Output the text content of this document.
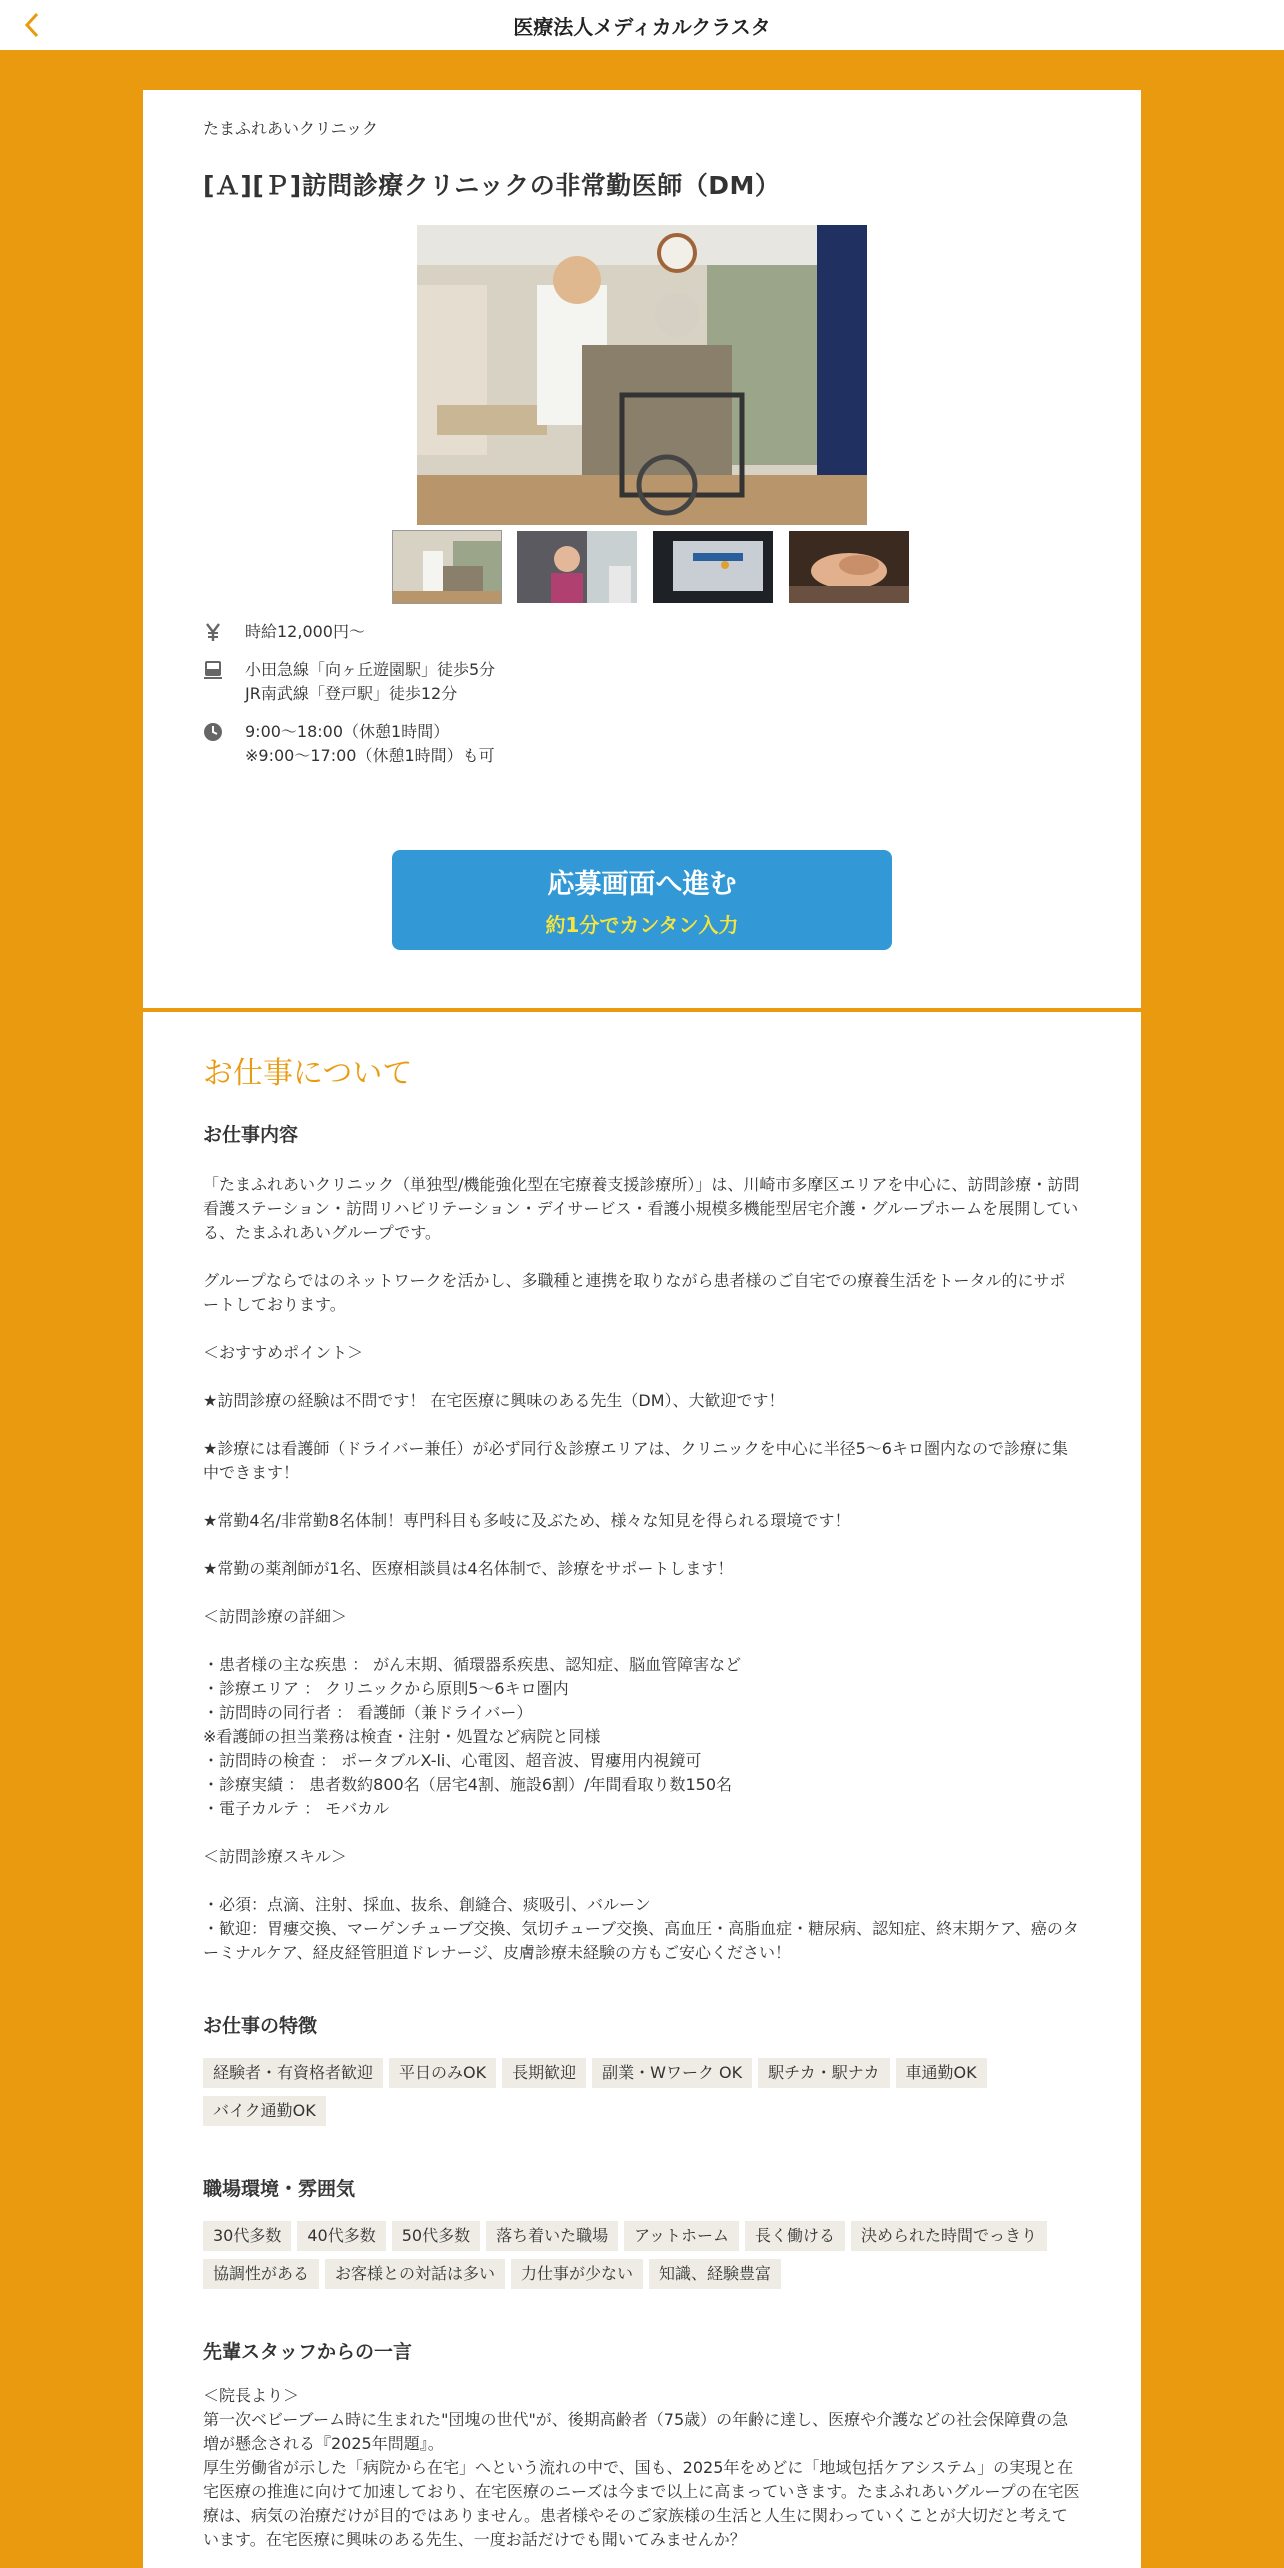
医療法人メディカルクラスタ
たまふれあいクリニック
[Ａ][Ｐ]訪問診療クリニックの非常勤医師（DM）
時給12,000円〜
小田急線「向ヶ丘遊園駅」徒歩5分
JR南武線「登戸駅」徒歩12分
9:00～18:00（休憩1時間）
※9:00～17:00（休憩1時間）も可
応募画面へ進む
約1分でカンタン入力
お仕事について
お仕事内容
「たまふれあいクリニック（単独型/機能強化型在宅療養支援診療所）」は、川崎市多摩区エリアを中心に、訪問診療・訪問看護ステーション・訪問リハビリテーション・デイサービス・看護小規模多機能型居宅介護・グループホームを展開している、たまふれあいグループです。
グループならではのネットワークを活かし、多職種と連携を取りながら患者様のご自宅での療養生活をトータル的にサポートしております。
＜おすすめポイント＞
★訪問診療の経験は不問です！ 在宅医療に興味のある先生（DM）、大歓迎です！
★診療には看護師（ドライバー兼任）が必ず同行＆診療エリアは、クリニックを中心に半径5～6キロ圏内なので診療に集中できます！
★常勤4名/非常勤8名体制！専門科目も多岐に及ぶため、様々な知見を得られる環境です！
★常勤の薬剤師が1名、医療相談員は4名体制で、診療をサポートします！
＜訪問診療の詳細＞
・患者様の主な疾患 ： がん末期、循環器系疾患、認知症、脳血管障害など
・診療エリア ： クリニックから原則5～6キロ圏内
・訪問時の同行者 ： 看護師（兼ドライバー）
※看護師の担当業務は検査・注射・処置など病院と同様
・訪問時の検査 ： ポータブルX-li、心電図、超音波、胃瘻用内視鏡可
・診療実績 ： 患者数約800名（居宅4割、施設6割）/年間看取り数150名
・電子カルテ ： モバカル
＜訪問診療スキル＞
・必須：点滴、注射、採血、抜糸、創縫合、痰吸引、バルーン
・歓迎：胃瘻交換、マーゲンチューブ交換、気切チューブ交換、高血圧・高脂血症・糖尿病、認知症、終末期ケア、癌のターミナルケア、経皮経管胆道ドレナージ、皮膚診療未経験の方もご安心ください！
お仕事の特徴
経験者・有資格者歓迎	平日のみOK	長期歓迎	副業・Wワーク OK	駅チカ・駅ナカ	車通勤OK
バイク通勤OK
職場環境・雰囲気
30代多数	40代多数	50代多数	落ち着いた職場	アットホーム	長く働ける	決められた時間でっきり
協調性がある	お客様との対話は多い	力仕事が少ない	知識、経験豊富
先輩スタッフからの一言
＜院長より＞
第一次ベビーブーム時に生まれた"団塊の世代"が、後期高齢者（75歳）の年齢に達し、医療や介護などの社会保障費の急増が懸念される『2025年問題』。
厚生労働省が示した「病院から在宅」へという流れの中で、国も、2025年をめどに「地域包括ケアシステム」の実現と在宅医療の推進に向けて加速しており、在宅医療のニーズは今まで以上に高まっていきます。たまふれあいグループの在宅医療は、病気の治療だけが目的ではありません。患者様やそのご家族様の生活と人生に関わっていくことが大切だと考えています。在宅医療に興味のある先生、一度お話だけでも聞いてみませんか？
